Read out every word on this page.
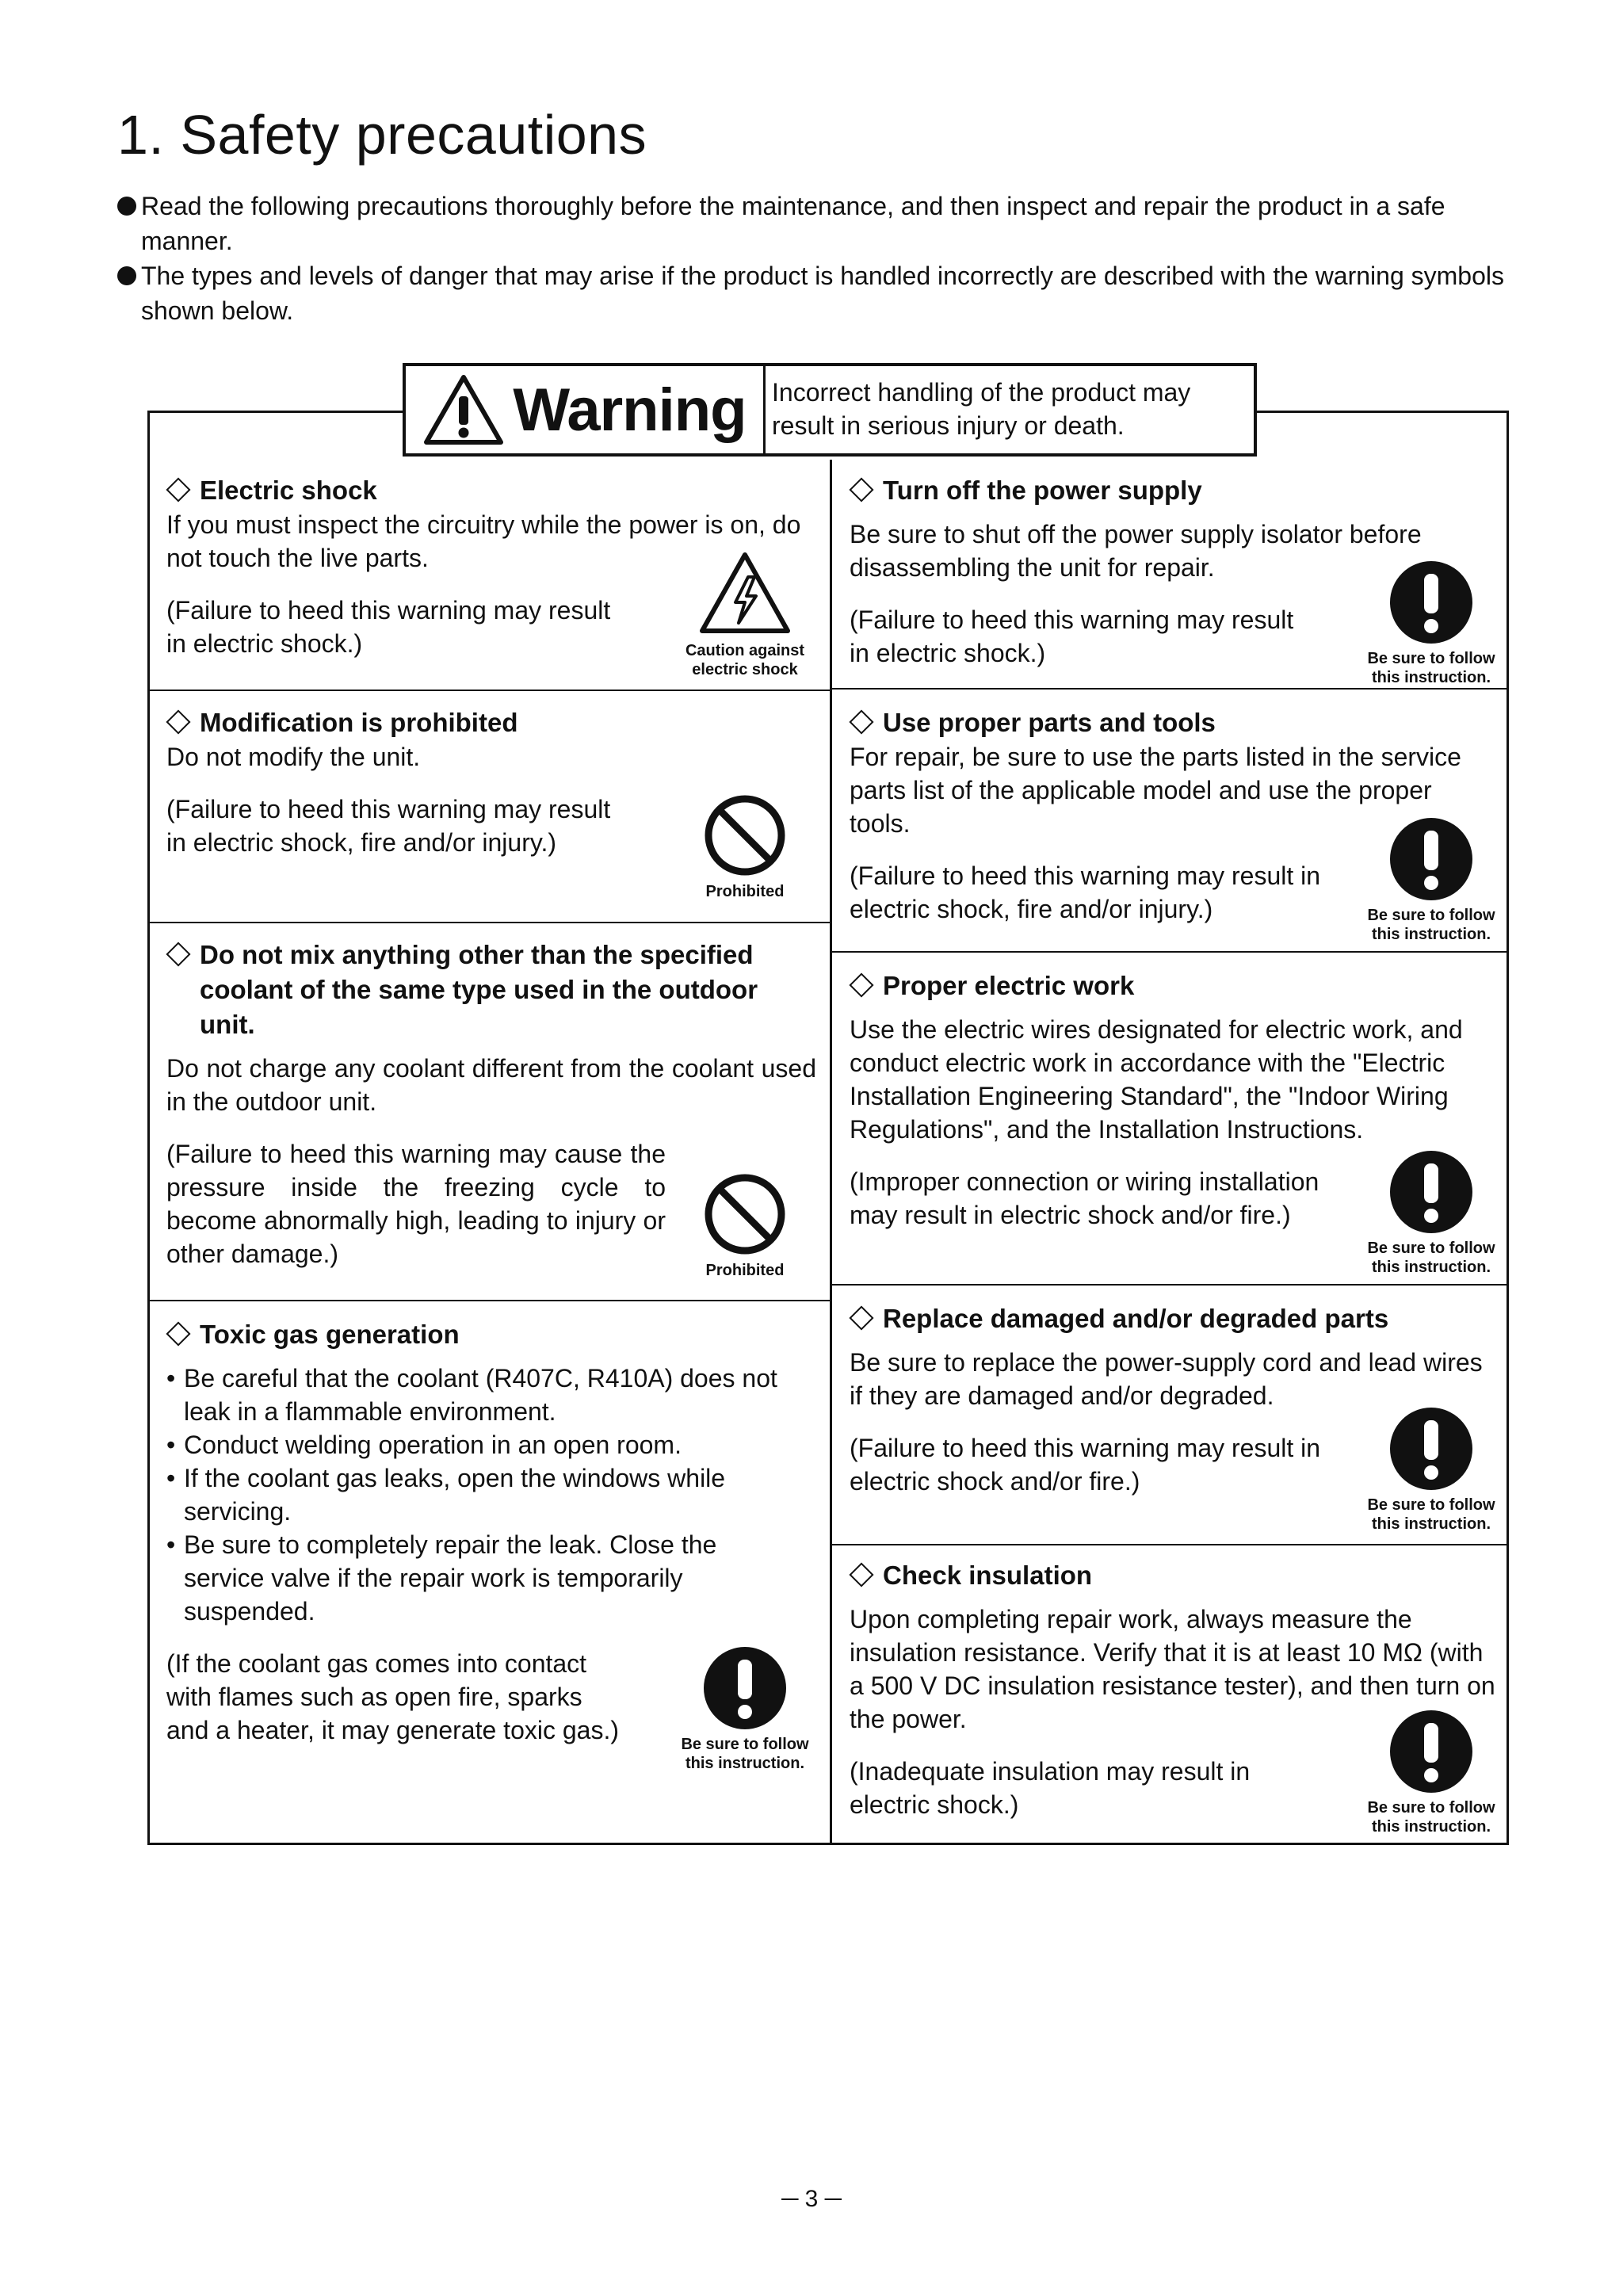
1. Safety precautions
Read the following precautions thoroughly before the maintenance, and then inspect and repair the product in a safe manner.
The types and levels of danger that may arise if the product is handled incorrectly are described with the warning symbols shown below.
Warning Incorrect handling of the product may
result in serious injury or death.
Electric shock

If you must inspect the circuitry while the power is on, do not touch the live parts.

(Failure to heed this warning may result

in electric shock.)	Caution against
electric shock
Modification is prohibited

Do not modify the unit.

(Failure to heed this warning may result

in electric shock, fire and/or injury.)

Prohibited
Do not mix anything other than the specified
coolant of the same type used in the outdoor
unit.

Do not charge any coolant different from the coolant used in the outdoor unit.

(Failure to heed this warning may cause the pressure inside the freezing cycle to become abnormally high, leading to injury or other damage.)

Prohibited
Toxic gas generation
• Be careful that the coolant (R407C, R410A) does not leak in a flammable environment.
• Conduct welding operation in an open room.
• If the coolant gas leaks, open the windows while servicing.
• Be sure to completely repair the leak. Close the service valve if the repair work is temporarily suspended.

(If the coolant gas comes into contact

with flames such as open fire, sparks

and a heater, it may generate toxic gas.)	Be sure to follow
this instruction.
Turn off the power supply

Be sure to shut off the power supply isolator before disassembling the unit for repair.

(Failure to heed this warning may result

in electric shock.)	Be sure to follow
this instruction.
Use proper parts and tools

For repair, be sure to use the parts listed in the service parts list of the applicable model and use the proper tools.

(Failure to heed this warning may result in

electric shock, fire and/or injury.)	Be sure to follow
this instruction.
Proper electric work

Use the electric wires designated for electric work, and conduct electric work in accordance with the "Electric Installation Engineering Standard", the "Indoor Wiring Regulations", and the Installation Instructions.

(Improper connection or wiring installation

may result in electric shock and/or fire.)

Be sure to follow
this instruction.
Replace damaged and/or degraded parts

Be sure to replace the power-supply cord and lead wires if they are damaged and/or degraded.

(Failure to heed this warning may result in

electric shock and/or fire.)

Be sure to follow
this instruction.
Check insulation

Upon completing repair work, always measure the insulation resistance. Verify that it is at least 10 MΩ (with a 500 V DC insulation resistance tester), and then turn on the power.

(Inadequate insulation may result in

electric shock.)	Be sure to follow
this instruction.
─ 3 ─
